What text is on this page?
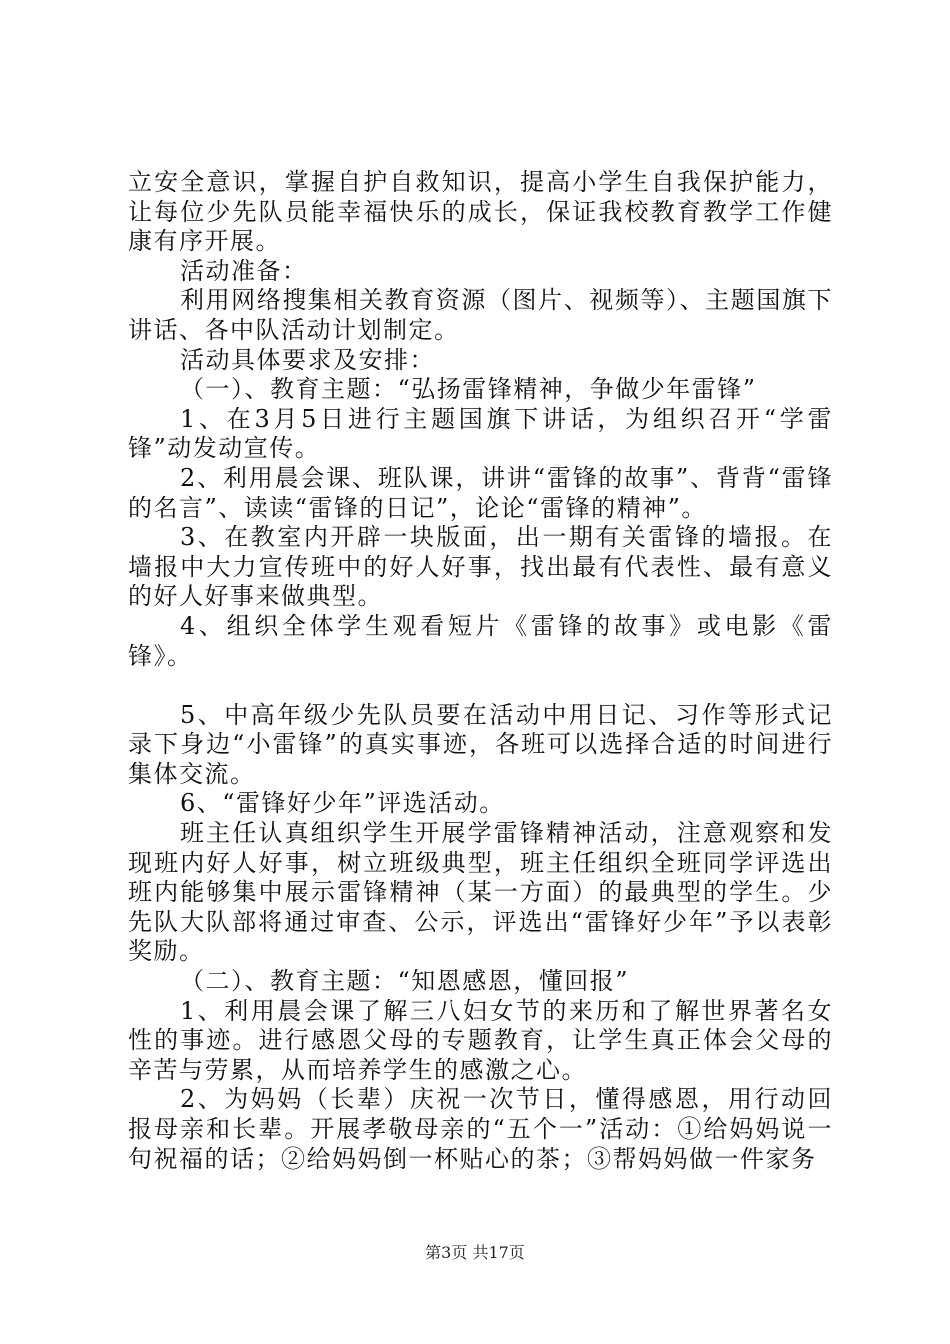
立安全意识，掌握自护自救知识，提高小学生自我保护能力，让每位少先队员能幸福快乐的成长，保证我校教育教学工作健康有序开展。

活动准备：

利用网络搜集相关教育资源（图片、视频等）、主题国旗下讲话、各中队活动计划制定。

活动具体要求及安排：

（一）、教育主题：“弘扬雷锋精神，争做少年雷锋”

1、在3月5日进行主题国旗下讲话，为组织召开“学雷锋”动发动宣传。

2、利用晨会课、班队课，讲讲“雷锋的故事”、背背“雷锋的名言”、读读“雷锋的日记”，论论“雷锋的精神”。

3、在教室内开辟一块版面，出一期有关雷锋的墙报。在墙报中大力宣传班中的好人好事，找出最有代表性、最有意义的好人好事来做典型。

4、组织全体学生观看短片《雷锋的故事》或电影《雷锋》。

5、中高年级少先队员要在活动中用日记、习作等形式记录下身边“小雷锋”的真实事迹，各班可以选择合适的时间进行集体交流。

6、“雷锋好少年”评选活动。

班主任认真组织学生开展学雷锋精神活动，注意观察和发现班内好人好事，树立班级典型，班主任组织全班同学评选出班内能够集中展示雷锋精神（某一方面）的最典型的学生。少先队大队部将通过审查、公示，评选出“雷锋好少年”予以表彰奖励。

（二）、教育主题：“知恩感恩，懂回报”

1、利用晨会课了解三八妇女节的来历和了解世界著名女性的事迹。进行感恩父母的专题教育，让学生真正体会父母的辛苦与劳累，从而培养学生的感激之心。

2、为妈妈（长辈）庆祝一次节日，懂得感恩，用行动回报母亲和长辈。开展孝敬母亲的“五个一”活动：①给妈妈说一句祝福的话；②给妈妈倒一杯贴心的茶；③帮妈妈做一件家务

第3页 共17页
